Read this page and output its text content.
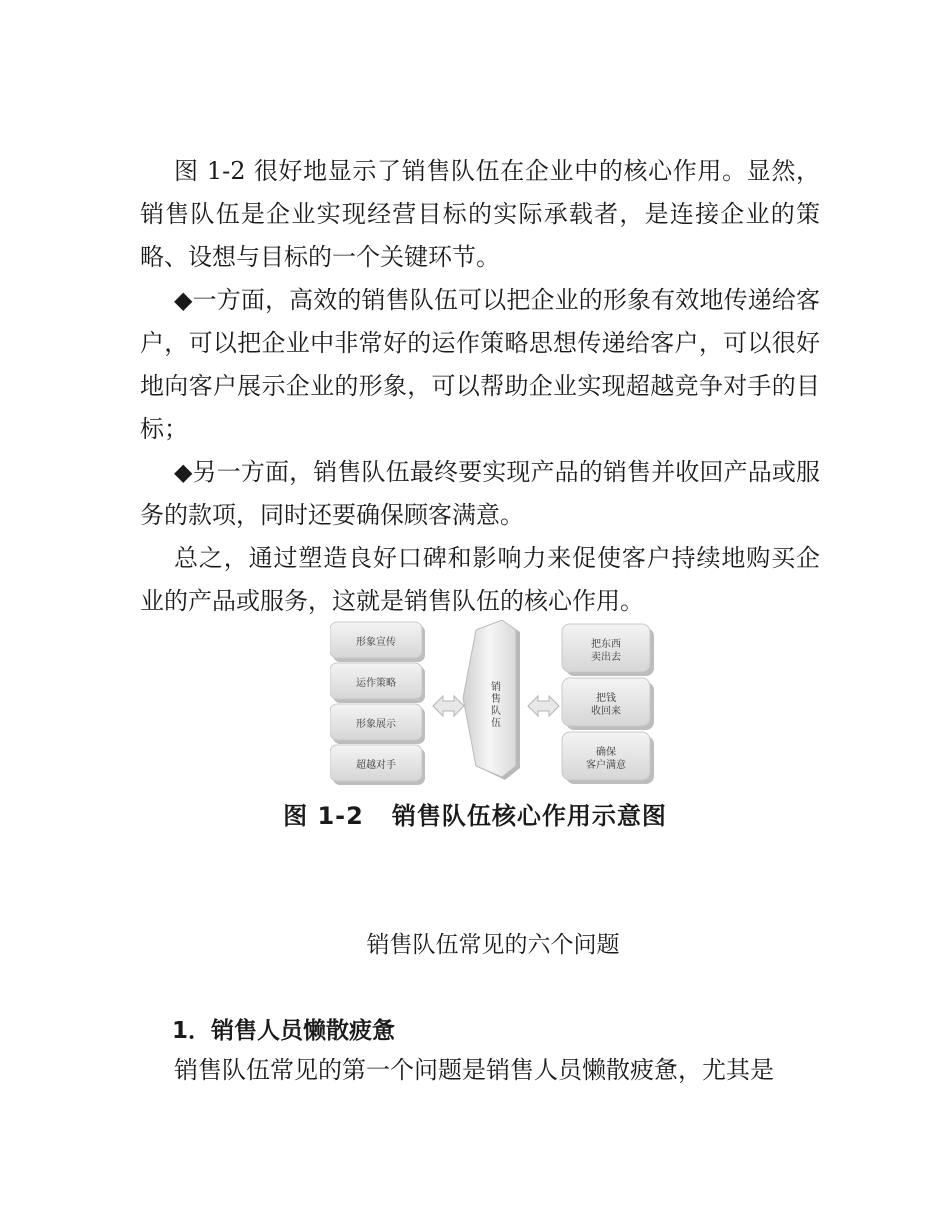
图 1-2 很好地显示了销售队伍在企业中的核心作用。显然，销售队伍是企业实现经营目标的实际承载者，是连接企业的策略、设想与目标的一个关键环节。

◆一方面，高效的销售队伍可以把企业的形象有效地传递给客户，可以把企业中非常好的运作策略思想传递给客户，可以很好地向客户展示企业的形象，可以帮助企业实现超越竞争对手的目标；

◆另一方面，销售队伍最终要实现产品的销售并收回产品或服务的款项，同时还要确保顾客满意。

总之，通过塑造良好口碑和影响力来促使客户持续地购买企业的产品或服务，这就是销售队伍的核心作用。

形象宣传
运作策略
形象展示
超越对手
销
售
队
伍
把东西
卖出去
把钱
收回来
确保
客户满意
图 1-2   销售队伍核心作用示意图
销售队伍常见的六个问题
1．销售人员懒散疲惫

销售队伍常见的第一个问题是销售人员懒散疲惫，尤其是
